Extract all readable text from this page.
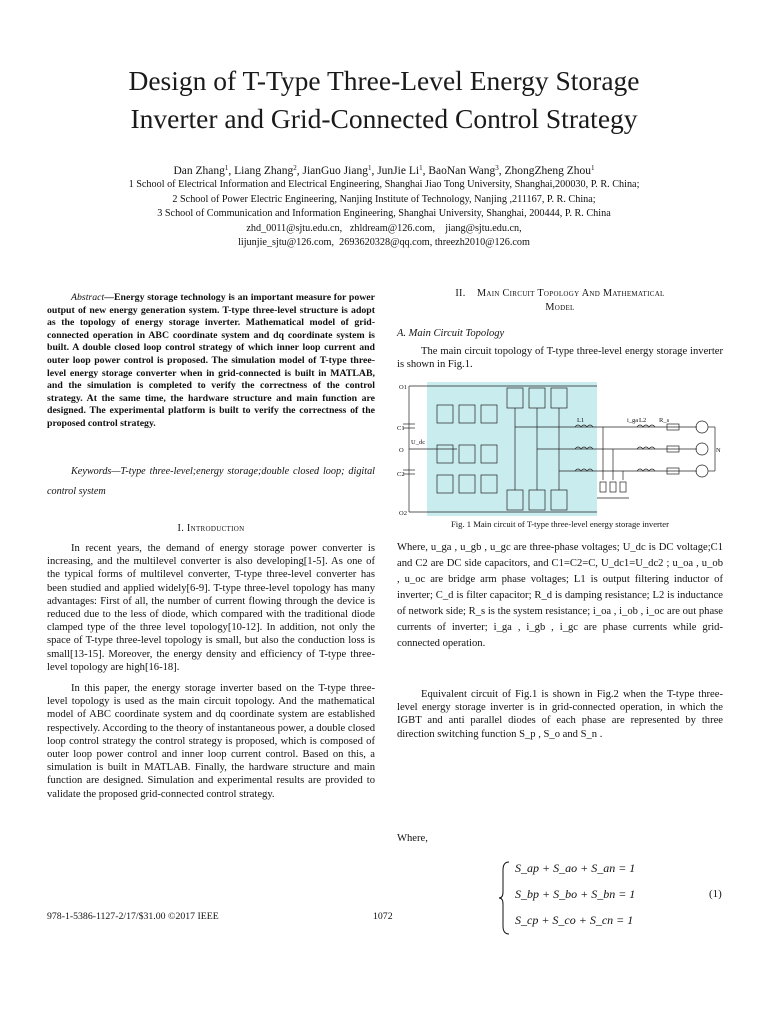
Design of T-Type Three-Level Energy Storage
Inverter and Grid-Connected Control Strategy
Dan Zhang$^1$, Liang Zhang$^2$, JianGuo Jiang$^1$, JunJie Li$^1$, BaoNan Wang$^3$, ZhongZheng Zhou$^1$
1 School of Electrical Information and Electrical Engineering, Shanghai Jiao Tong University, Shanghai,200030, P. R. China;
2 School of Power Electric Engineering, Nanjing Institute of Technology, Nanjing ,211167, P. R. China;
3 School of Communication and Information Engineering, Shanghai University, Shanghai, 200444, P. R. China
zhd_0011@sjtu.edu.cn,   zhldream@126.com,    jiang@sjtu.edu.cn,
lijunjie_sjtu@126.com,  2693620328@qq.com, threezh2010@126.com
Abstract—Energy storage technology is an important measure for power output of new energy generation system. T-type three-level structure is adopt as the topology of energy storage inverter. Mathematical model of grid-connected operation in ABC coordinate system and dq coordinate system is built. A double closed loop control strategy of which inner loop current and outer loop power control is proposed. The simulation model of T-type three-level energy storage converter when in grid-connected is built in MATLAB, and the simulation is completed to verify the correctness of the control strategy. At the same time, the hardware structure and main function are designed. The experimental platform is built to verify the correctness of the proposed control strategy.
Keywords—T-type three-level;energy storage;double closed loop; digital control system
I. Introduction

In recent years, the demand of energy storage power converter is increasing, and the multilevel converter is also developing[1-5]. As one of the typical forms of multilevel converter, T-type three-level converter has been studied and applied widely[6-9]. T-type three-level topology has many advantages: First of all, the number of current flowing through the device is reduced due to the less of diode, which compared with the traditional diode clamped type of the three level topology[10-12]. In addition, not only the space of T-type three-level topology is small, but also the conduction loss is small[13-15]. Moreover, the energy density and efficiency of T-type three- level topology are high[16-18].

In this paper, the energy storage inverter based on the T-type three-level topology is used as the main circuit topology. And the mathematical model of ABC coordinate system and dq coordinate system are established respectively. According to the theory of instantaneous power, a double closed loop control strategy the control strategy is proposed, which is composed of outer loop power control and inner loop current control. Based on this, a simulation is built in MATLAB. Finally, the hardware structure and main function are designed. Simulation and experimental results are provided to validate the proposed grid-connected control strategy.

II.    Main Circuit Topology And Mathematical
Model
A. Main Circuit Topology

The main circuit topology of T-type three-level energy storage inverter is shown in Fig.1.

O1
O2
O
C1
C2
U_dc
L1	L2 R_s
i_ga
N
Fig. 1 Main circuit of T-type three-level energy storage inverter

Where, u_ga , u_gb , u_gc are three-phase voltages; U_dc is DC voltage;C1 and C2 are DC side capacitors, and C1=C2=C, U_dc1=U_dc2 ; u_oa , u_ob , u_oc are bridge arm phase voltages; L1 is output filtering inductor of inverter; C_d is filter capacitor; R_d is damping resistance; L2 is inductance of network side; R_s is the system resistance; i_oa , i_ob , i_oc are out phase currents of inverter; i_ga , i_gb , i_gc are phase currents while grid-connected operation.

Equivalent circuit of Fig.1 is shown in Fig.2 when the T-type three-level energy storage inverter is in grid-connected operation, in which the IGBT and anti parallel diodes of each phase are represented by three direction switching function S_p , S_o and S_n .

Where,
S_ap + S_ao + S_an = 1
S_bp + S_bo + S_bn = 1
S_cp + S_co + S_cn = 1
(1)
978-1-5386-1127-2/17/$31.00 ©2017 IEEE	1072
